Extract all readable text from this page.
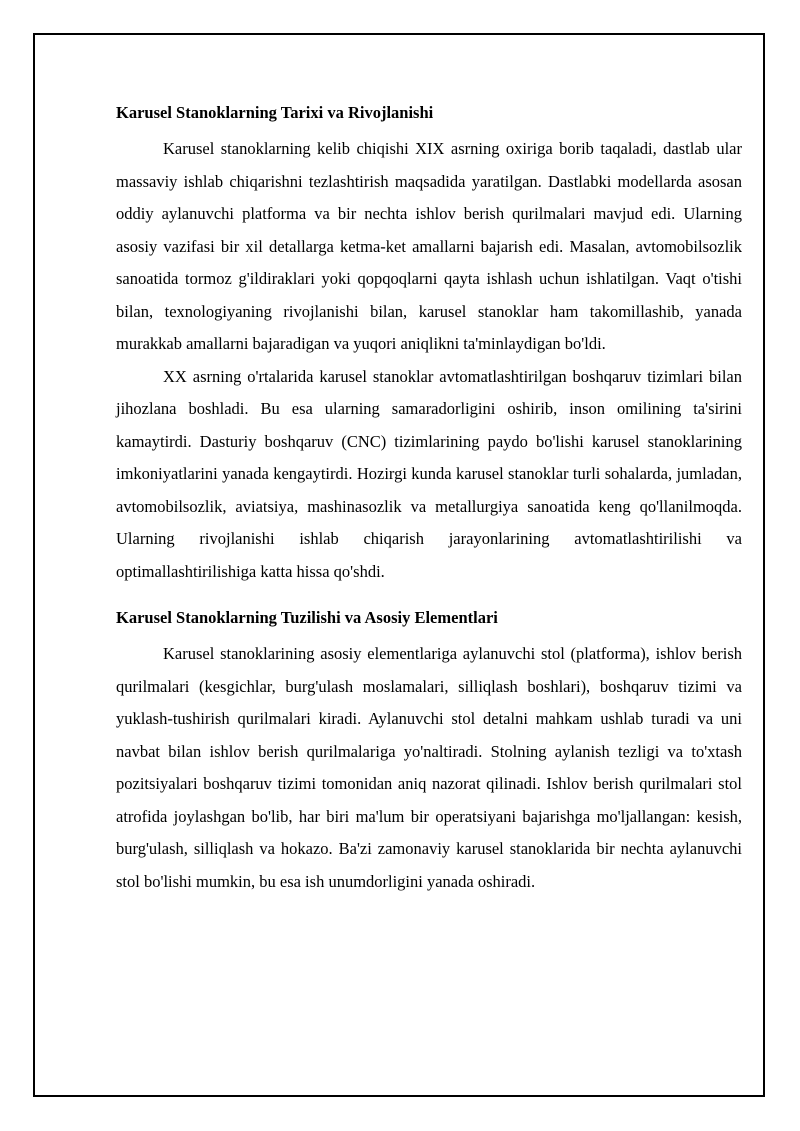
Karusel Stanoklarning Tarixi va Rivojlanishi

Karusel stanoklarning kelib chiqishi XIX asrning oxiriga borib taqaladi, dastlab ular massaviy ishlab chiqarishni tezlashtirish maqsadida yaratilgan. Dastlabki modellarda asosan oddiy aylanuvchi platforma va bir nechta ishlov berish qurilmalari mavjud edi. Ularning asosiy vazifasi bir xil detallarga ketma-ket amallarni bajarish edi. Masalan, avtomobilsozlik sanoatida tormoz g'ildiraklari yoki qopqoqlarni qayta ishlash uchun ishlatilgan. Vaqt o'tishi bilan, texnologiyaning rivojlanishi bilan, karusel stanoklar ham takomillashib, yanada murakkab amallarni bajaradigan va yuqori aniqlikni ta'minlaydigan bo'ldi.

XX asrning o'rtalarida karusel stanoklar avtomatlashtirilgan boshqaruv tizimlari bilan jihozlana boshladi. Bu esa ularning samaradorligini oshirib, inson omilining ta'sirini kamaytirdi. Dasturiy boshqaruv (CNC) tizimlarining paydo bo'lishi karusel stanoklarining imkoniyatlarini yanada kengaytirdi. Hozirgi kunda karusel stanoklar turli sohalarda, jumladan, avtomobilsozlik, aviatsiya, mashinasozlik va metallurgiya sanoatida keng qo'llanilmoqda. Ularning rivojlanishi ishlab chiqarish jarayonlarining avtomatlashtirilishi va optimallashtirilishiga katta hissa qo'shdi.

Karusel Stanoklarning Tuzilishi va Asosiy Elementlari

Karusel stanoklarining asosiy elementlariga aylanuvchi stol (platforma), ishlov berish qurilmalari (kesgichlar, burg'ulash moslamalari, silliqlash boshlari), boshqaruv tizimi va yuklash-tushirish qurilmalari kiradi. Aylanuvchi stol detalni mahkam ushlab turadi va uni navbat bilan ishlov berish qurilmalariga yo'naltiradi. Stolning aylanish tezligi va to'xtash pozitsiyalari boshqaruv tizimi tomonidan aniq nazorat qilinadi. Ishlov berish qurilmalari stol atrofida joylashgan bo'lib, har biri ma'lum bir operatsiyani bajarishga mo'ljallangan: kesish, burg'ulash, silliqlash va hokazo. Ba'zi zamonaviy karusel stanoklarida bir nechta aylanuvchi stol bo'lishi mumkin, bu esa ish unumdorligini yanada oshiradi.
